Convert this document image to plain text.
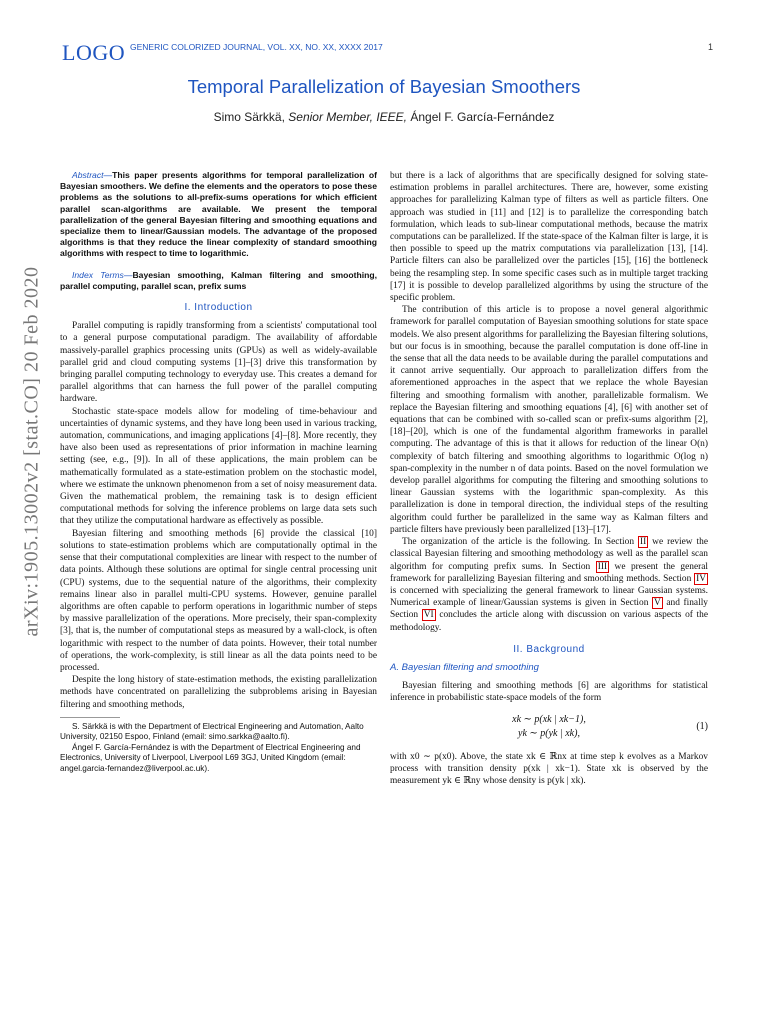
LOGO GENERIC COLORIZED JOURNAL, VOL. XX, NO. XX, XXXX 2017	1
arXiv:1905.13002v2 [stat.CO] 20 Feb 2020
Temporal Parallelization of Bayesian Smoothers
Simo Särkkä, Senior Member, IEEE, Ángel F. García-Fernández

Abstract—This paper presents algorithms for temporal parallelization of Bayesian smoothers. We define the elements and the operators to pose these problems as the solutions to all-prefix-sums operations for which efficient parallel scan-algorithms are available. We present the temporal parallelization of the general Bayesian filtering and smoothing equations and specialize them to linear/Gaussian models. The advantage of the proposed algorithms is that they reduce the linear complexity of standard smoothing algorithms with respect to time to logarithmic.

Index Terms—Bayesian smoothing, Kalman filtering and smoothing, parallel computing, parallel scan, prefix sums

I. Introduction

Parallel computing is rapidly transforming from a scientists' computational tool to a general purpose computational paradigm. The availability of affordable massively-parallel graphics processing units (GPUs) as well as widely-available parallel grid and cloud computing systems [1]–[3] drive this transformation by bringing parallel computing technology to everyday use. This creates a demand for parallel algorithms that can harness the full power of the parallel computing hardware.

Stochastic state-space models allow for modeling of time-behaviour and uncertainties of dynamic systems, and they have long been used in various tracking, automation, communications, and imaging applications [4]–[8]. More recently, they have also been used as representations of prior information in machine learning setting (see, e.g., [9]). In all of these applications, the main problem can be mathematically formulated as a state-estimation problem on the stochastic model, where we estimate the unknown phenomenon from a set of noisy measurement data. Given the mathematical problem, the remaining task is to design efficient computational methods for solving the inference problems on large data sets such that they utilize the computational hardware as effectively as possible.

Bayesian filtering and smoothing methods [6] provide the classical [10] solutions to state-estimation problems which are computationally optimal in the sense that their computational complexities are linear with respect to the number of data points. Although these solutions are optimal for single central processing unit (CPU) systems, due to the sequential nature of the algorithms, their complexity remains linear also in parallel multi-CPU systems. However, genuine parallel algorithms are often capable to perform operations in logarithmic number of steps by massive parallelization of the operations. More precisely, their span-complexity [3], that is, the number of computational steps as measured by a wall-clock, is often logarithmic with respect to the number of data points. However, their total number of operations, the work-complexity, is still linear as all the data points need to be processed.

Despite the long history of state-estimation methods, the existing parallelization methods have concentrated on parallelizing the subproblems arising in Bayesian filtering and smoothing methods,

S. Särkkä is with the Department of Electrical Engineering and Automation, Aalto University, 02150 Espoo, Finland (email: simo.sarkka@aalto.fi).

Ángel F. García-Fernández is with the Department of Electrical Engineering and Electronics, University of Liverpool, Liverpool L69 3GJ, United Kingdom (email: angel.garcia-fernandez@liverpool.ac.uk).

but there is a lack of algorithms that are specifically designed for solving state-estimation problems in parallel architectures. There are, however, some existing approaches for parallelizing Kalman type of filters as well as particle filters. One approach was studied in [11] and [12] is to parallelize the corresponding batch formulation, which leads to sub-linear computational methods, because the matrix computations can be parallelized. If the state-space of the Kalman filter is large, it is then possible to speed up the matrix computations via parallelization [13], [14]. Particle filters can also be parallelized over the particles [15], [16] the bottleneck being the resampling step. In some specific cases such as in multiple target tracking [17] it is possible to develop parallelized algorithms by using the structure of the specific problem.

The contribution of this article is to propose a novel general algorithmic framework for parallel computation of Bayesian smoothing solutions for state space models. We also present algorithms for parallelizing the Bayesian filtering solutions, but our focus is in smoothing, because the parallel computation is done off-line in the sense that all the data needs to be available during the parallel computations and it cannot arrive sequentially. Our approach to parallelization differs from the aforementioned approaches in the aspect that we replace the whole Bayesian filtering and smoothing formalism with another, parallelizable formalism. We replace the Bayesian filtering and smoothing equations [4], [6] with another set of equations that can be combined with so-called scan or prefix-sums algorithm [2], [18]–[20], which is one of the fundamental algorithm frameworks in parallel computing. The advantage of this is that it allows for reduction of the linear O(n) complexity of batch filtering and smoothing algorithms to logarithmic O(log n) span-complexity in the number n of data points. Based on the novel formulation we develop parallel algorithms for computing the filtering and smoothing solutions to linear Gaussian systems with the logarithmic span-complexity. As this parallelization is done in temporal direction, the individual steps of the resulting algorithm could further be parallelized in the same way as Kalman filters and particle filters have previously been parallelized [13]–[17].

The organization of the article is the following. In Section II we review the classical Bayesian filtering and smoothing methodology as well as the parallel scan algorithm for computing prefix sums. In Section III we present the general framework for parallelizing Bayesian filtering and smoothing methods. Section IV is concerned with specializing the general framework to linear Gaussian systems. Numerical example of linear/Gaussian systems is given in Section V and finally Section VI concludes the article along with discussion on various aspects of the methodology.

II. Background
A. Bayesian filtering and smoothing

Bayesian filtering and smoothing methods [6] are algorithms for statistical inference in probabilistic state-space models of the form

xk ∼ p(xk | xk−1),
yk ∼ p(yk | xk),
(1)

with x0 ∼ p(x0). Above, the state xk ∈ ℝnx at time step k evolves as a Markov process with transition density p(xk | xk−1). State xk is observed by the measurement yk ∈ ℝny whose density is p(yk | xk).
